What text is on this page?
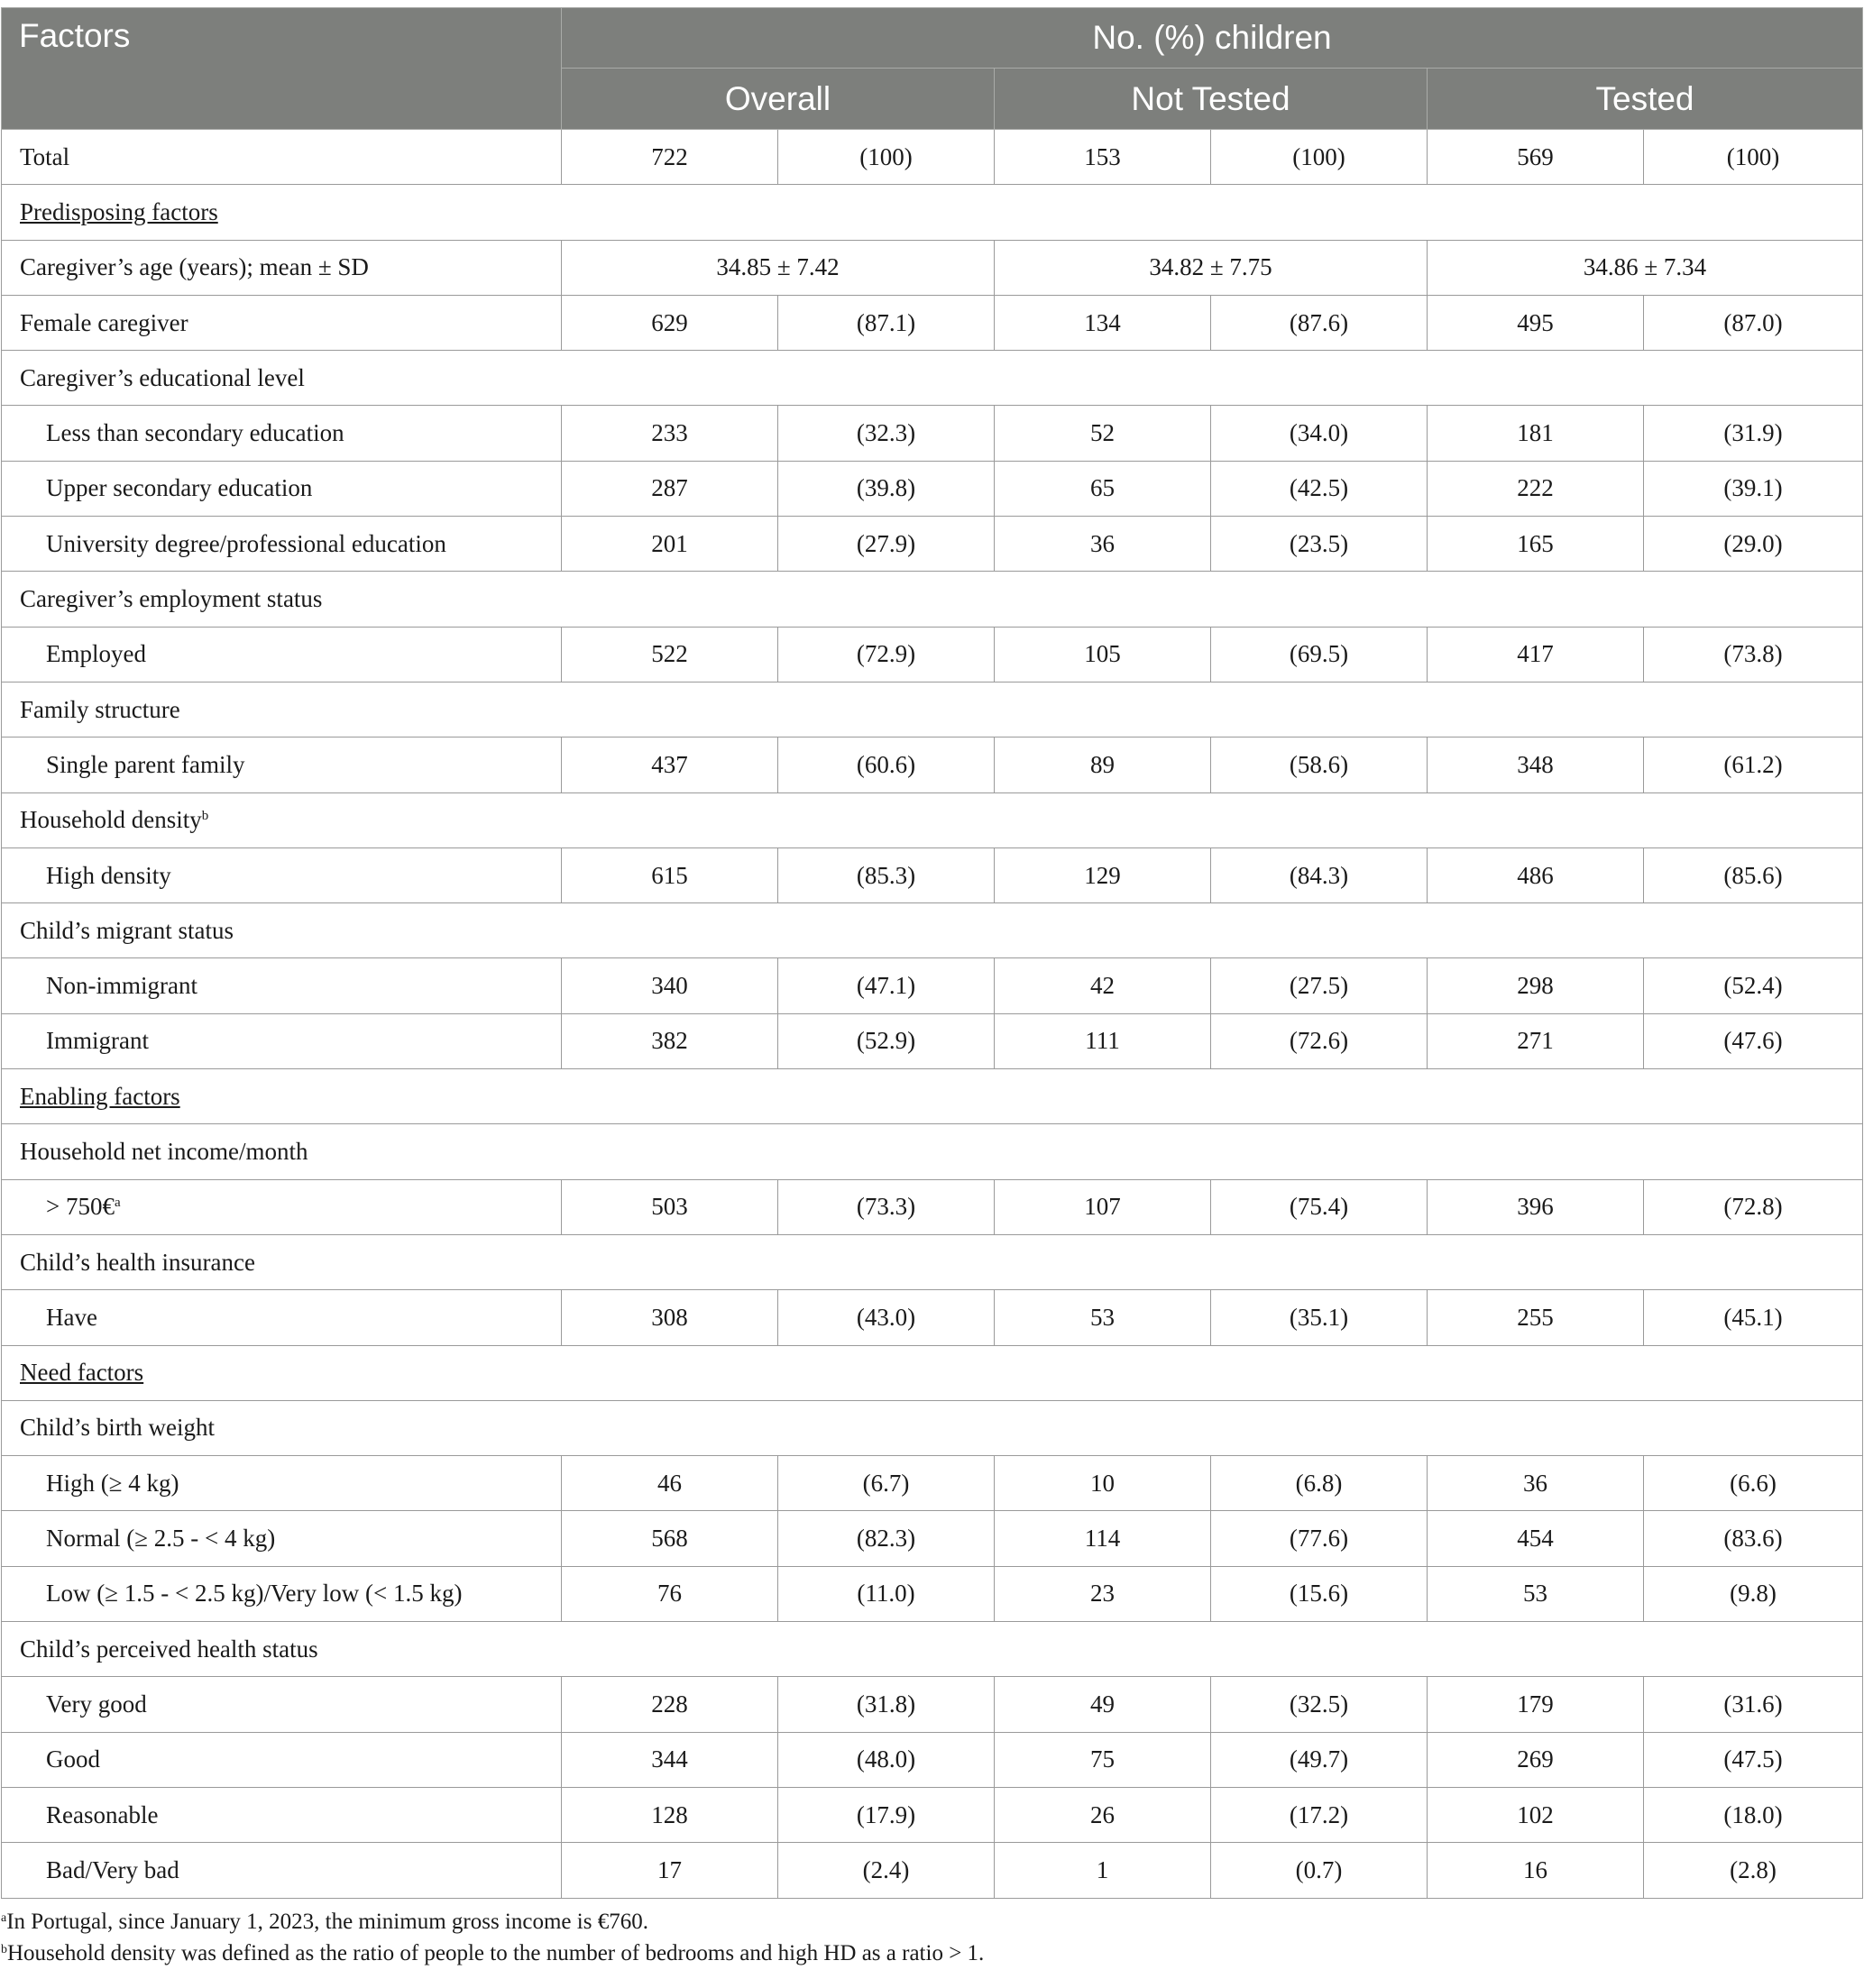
Factors	No. (%) children					
	Overall		Not Tested		Tested	
Total	722	(100)	153	(100)	569	(100)
Predisposing factors						
Caregiver’s age (years); mean ± SD	34.85 ± 7.42		34.82 ± 7.75		34.86 ± 7.34	
Female caregiver	629	(87.1)	134	(87.6)	495	(87.0)
Caregiver’s educational level						
Less than secondary education	233	(32.3)	52	(34.0)	181	(31.9)
Upper secondary education	287	(39.8)	65	(42.5)	222	(39.1)
University degree/professional education	201	(27.9)	36	(23.5)	165	(29.0)
Caregiver’s employment status						
Employed	522	(72.9)	105	(69.5)	417	(73.8)
Family structure						
Single parent family	437	(60.6)	89	(58.6)	348	(61.2)
Household density$^b$
High density	615	(85.3)	129	(84.3)	486	(85.6)
Child’s migrant status						
Non-immigrant	340	(47.1)	42	(27.5)	298	(52.4)
Immigrant	382	(52.9)	111	(72.6)	271	(47.6)
Enabling factors						
Household net income/month						
> 750€$^a$	503	(73.3)	107	(75.4)	396	(72.8)
Child’s health insurance						
Have	308	(43.0)	53	(35.1)	255	(45.1)
Need factors						
Child’s birth weight						
High (≥ 4 kg)	46	(6.7)	10	(6.8)	36	(6.6)
Normal (≥ 2.5 - < 4 kg)	568	(82.3)	114	(77.6)	454	(83.6)
Low (≥ 1.5 - < 2.5 kg)/Very low (< 1.5 kg)	76	(11.0)	23	(15.6)	53	(9.8)
Child’s perceived health status						
Very good	228	(31.8)	49	(32.5)	179	(31.6)
Good	344	(48.0)	75	(49.7)	269	(47.5)
Reasonable	128	(17.9)	26	(17.2)	102	(18.0)
Bad/Very bad	17	(2.4)	1	(0.7)	16	(2.8)
$^a$In Portugal, since January 1, 2023, the minimum gross income is €760.
$^b$Household density was defined as the ratio of people to the number of bedrooms and high HD as a ratio > 1.
